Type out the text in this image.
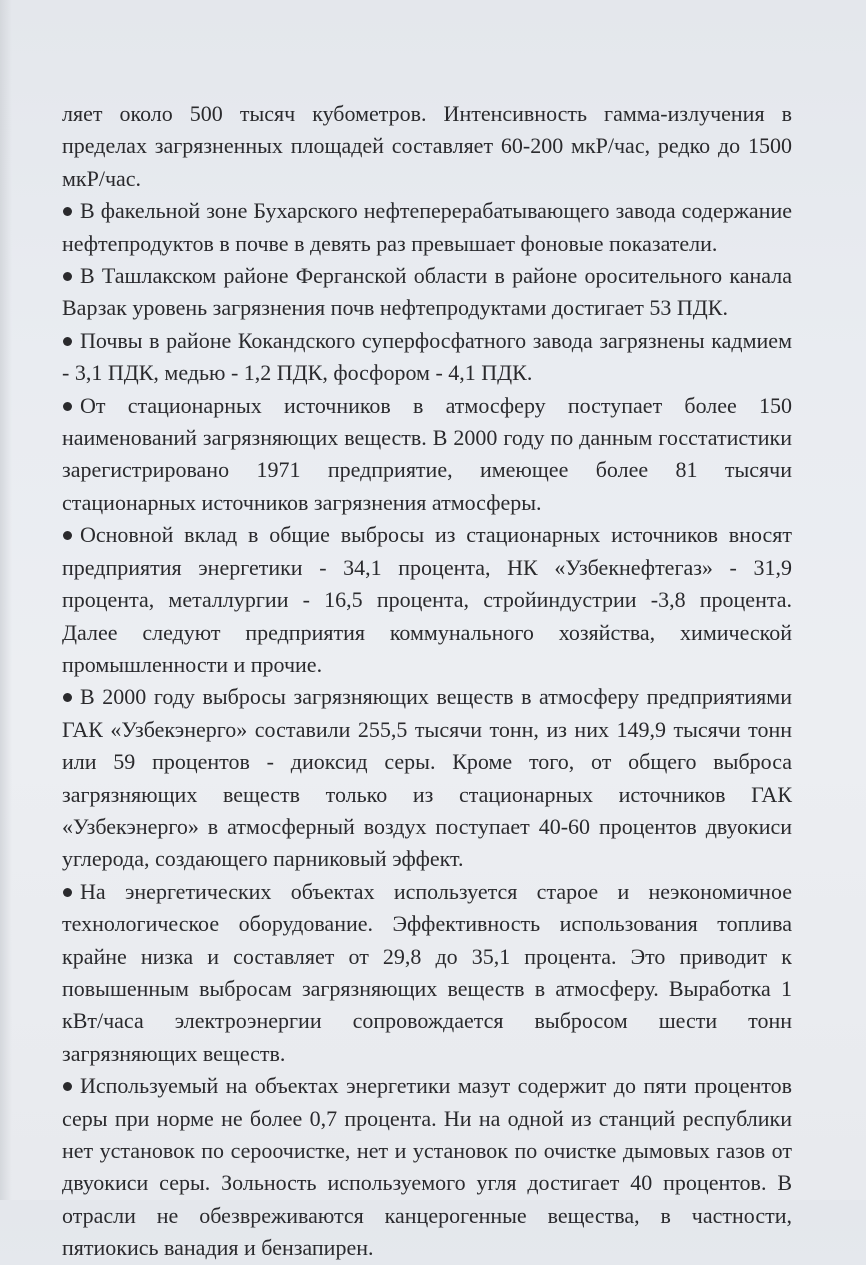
ляет около 500 тысяч кубометров. Интенсивность гамма-излучения в пределах загрязненных площадей составляет 60-200 мкР/час, редко до 1500 мкР/час.

В факельной зоне Бухарского нефтеперерабатывающего завода содержание нефтепродуктов в почве в девять раз превышает фоновые показатели.

В Ташлакском районе Ферганской области в районе оросительного канала Варзак уровень загрязнения почв нефтепродуктами достигает 53 ПДК.

Почвы в районе Кокандского суперфосфатного завода загрязнены кадмием - 3,1 ПДК, медью - 1,2 ПДК, фосфором - 4,1 ПДК.

От стационарных источников в атмосферу поступает более 150 наименований загрязняющих веществ. В 2000 году по данным госстатистики зарегистрировано 1971 предприятие, имеющее более 81 тысячи стационарных источников загрязнения атмосферы.

Основной вклад в общие выбросы из стационарных источников вносят предприятия энергетики - 34,1 процента, НК «Узбекнефтегаз» - 31,9 процента, металлургии - 16,5 процента, стройиндустрии -3,8 процента. Далее следуют предприятия коммунального хозяйства, химической промышленности и прочие.

В 2000 году выбросы загрязняющих веществ в атмосферу предприятиями ГАК «Узбекэнерго» составили 255,5 тысячи тонн, из них 149,9 тысячи тонн или 59 процентов - диоксид серы. Кроме того, от общего выброса загрязняющих веществ только из стационарных источников ГАК «Узбекэнерго» в атмосферный воздух поступает 40-60 процентов двуокиси углерода, создающего парниковый эффект.

На энергетических объектах используется старое и неэкономичное технологическое оборудование. Эффективность использования топлива крайне низка и составляет от 29,8 до 35,1 процента. Это приводит к повышенным выбросам загрязняющих веществ в атмосферу. Выработка 1 кВт/часа электроэнергии сопровождается выбросом шести тонн загрязняющих веществ.

Используемый на объектах энергетики мазут содержит до пяти процентов серы при норме не более 0,7 процента. Ни на одной из станций республики нет установок по сероочистке, нет и установок по очистке дымовых газов от двуокиси серы. Зольность используемого угля достигает 40 процентов. В отрасли не обезвреживаются канцерогенные вещества, в частности, пятиокись ванадия и бензапирен.
